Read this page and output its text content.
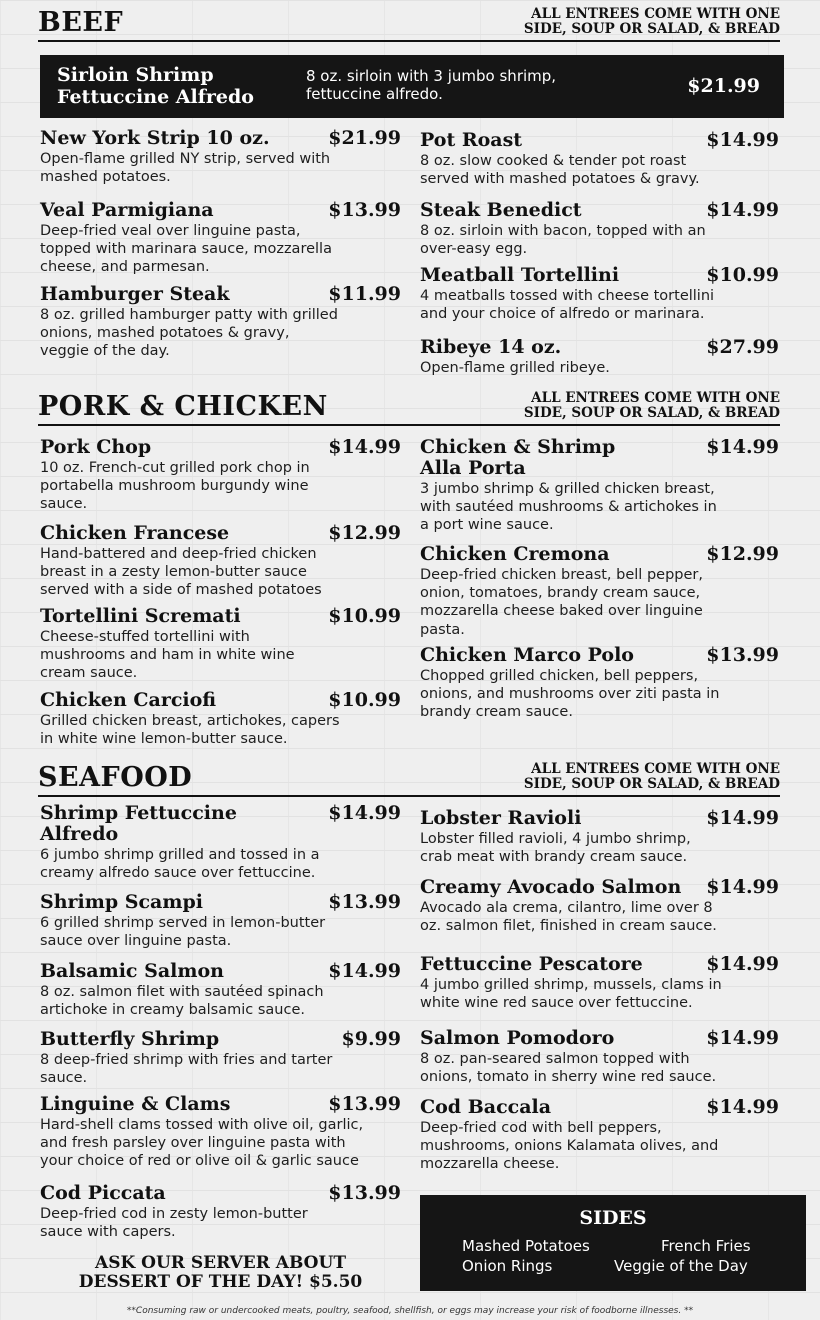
BEEF	ALL ENTREES COME WITH ONE
SIDE, SOUP OR SALAD, & BREAD
Sirloin Shrimp
Fettuccine Alfredo
8 oz. sirloin with 3 jumbo shrimp,
fettuccine alfredo.	$21.99
New York Strip 10 oz.	$21.99
Open-flame grilled NY strip, served with
mashed potatoes.
Veal Parmigiana	$13.99
Deep-fried veal over linguine pasta,
topped with marinara sauce, mozzarella
cheese, and parmesan.
Hamburger Steak	$11.99
8 oz. grilled hamburger patty with grilled
onions, mashed potatoes & gravy,
veggie of the day.
Pot Roast	$14.99
8 oz. slow cooked & tender pot roast
served with mashed potatoes & gravy.
Steak Benedict	$14.99
8 oz. sirloin with bacon, topped with an
over-easy egg.
Meatball Tortellini	$10.99
4 meatballs tossed with cheese tortellini
and your choice of alfredo or marinara.
Ribeye 14 oz.	$27.99
Open-flame grilled ribeye.
Pork Chop	$14.99
10 oz. French-cut grilled pork chop in
portabella mushroom burgundy wine
sauce.
Chicken Francese	$12.99
Hand-battered and deep-fried chicken
breast in a zesty lemon-butter sauce
served with a side of mashed potatoes
Tortellini Scremati	$10.99
Cheese-stuffed tortellini with
mushrooms and ham in white wine
cream sauce.
Chicken Carciofi	$10.99
Grilled chicken breast, artichokes, capers
in white wine lemon-butter sauce.
Chicken & Shrimp
Alla Porta
$14.99
3 jumbo shrimp & grilled chicken breast,
with sautéed mushrooms & artichokes in
a port wine sauce.
Chicken Cremona	$12.99
Deep-fried chicken breast, bell pepper,
onion, tomatoes, brandy cream sauce,
mozzarella cheese baked over linguine
pasta.
Chicken Marco Polo	$13.99
Chopped grilled chicken, bell peppers,
onions, and mushrooms over ziti pasta in
brandy cream sauce.
Shrimp Fettuccine
Alfredo
$14.99
6 jumbo shrimp grilled and tossed in a
creamy alfredo sauce over fettuccine.
Shrimp Scampi	$13.99
6 grilled shrimp served in lemon-butter
sauce over linguine pasta.
Balsamic Salmon	$14.99
8 oz. salmon filet with sautéed spinach
artichoke in creamy balsamic sauce.
Butterfly Shrimp	$9.99
8 deep-fried shrimp with fries and tarter
sauce.
Linguine & Clams	$13.99
Hard-shell clams tossed with olive oil, garlic,
and fresh parsley over linguine pasta with
your choice of red or olive oil & garlic sauce
Cod Piccata	$13.99
Deep-fried cod in zesty lemon-butter
sauce with capers.
Lobster Ravioli	$14.99
Lobster filled ravioli, 4 jumbo shrimp,
crab meat with brandy cream sauce.
Creamy Avocado Salmon $14.99
Avocado ala crema, cilantro, lime over 8
oz. salmon filet, finished in cream sauce.
Fettuccine Pescatore	$14.99
4 jumbo grilled shrimp, mussels, clams in
white wine red sauce over fettuccine.
Salmon Pomodoro	$14.99
8 oz. pan-seared salmon topped with
onions, tomato in sherry wine red sauce.
Cod Baccala	$14.99
Deep-fried cod with bell peppers,
mushrooms, onions Kalamata olives, and
mozzarella cheese.
PORK & CHICKEN	ALL ENTREES COME WITH ONE
SIDE, SOUP OR SALAD, & BREAD
SEAFOOD	ALL ENTREES COME WITH ONE
SIDE, SOUP OR SALAD, & BREAD
SIDES
Mashed Potatoes	French Fries
Onion Rings	Veggie of the Day
ASK OUR SERVER ABOUT
DESSERT OF THE DAY! $5.50
**Consuming raw or undercooked meats, poultry, seafood, shellfish, or eggs may increase your risk of foodborne illnesses. **
